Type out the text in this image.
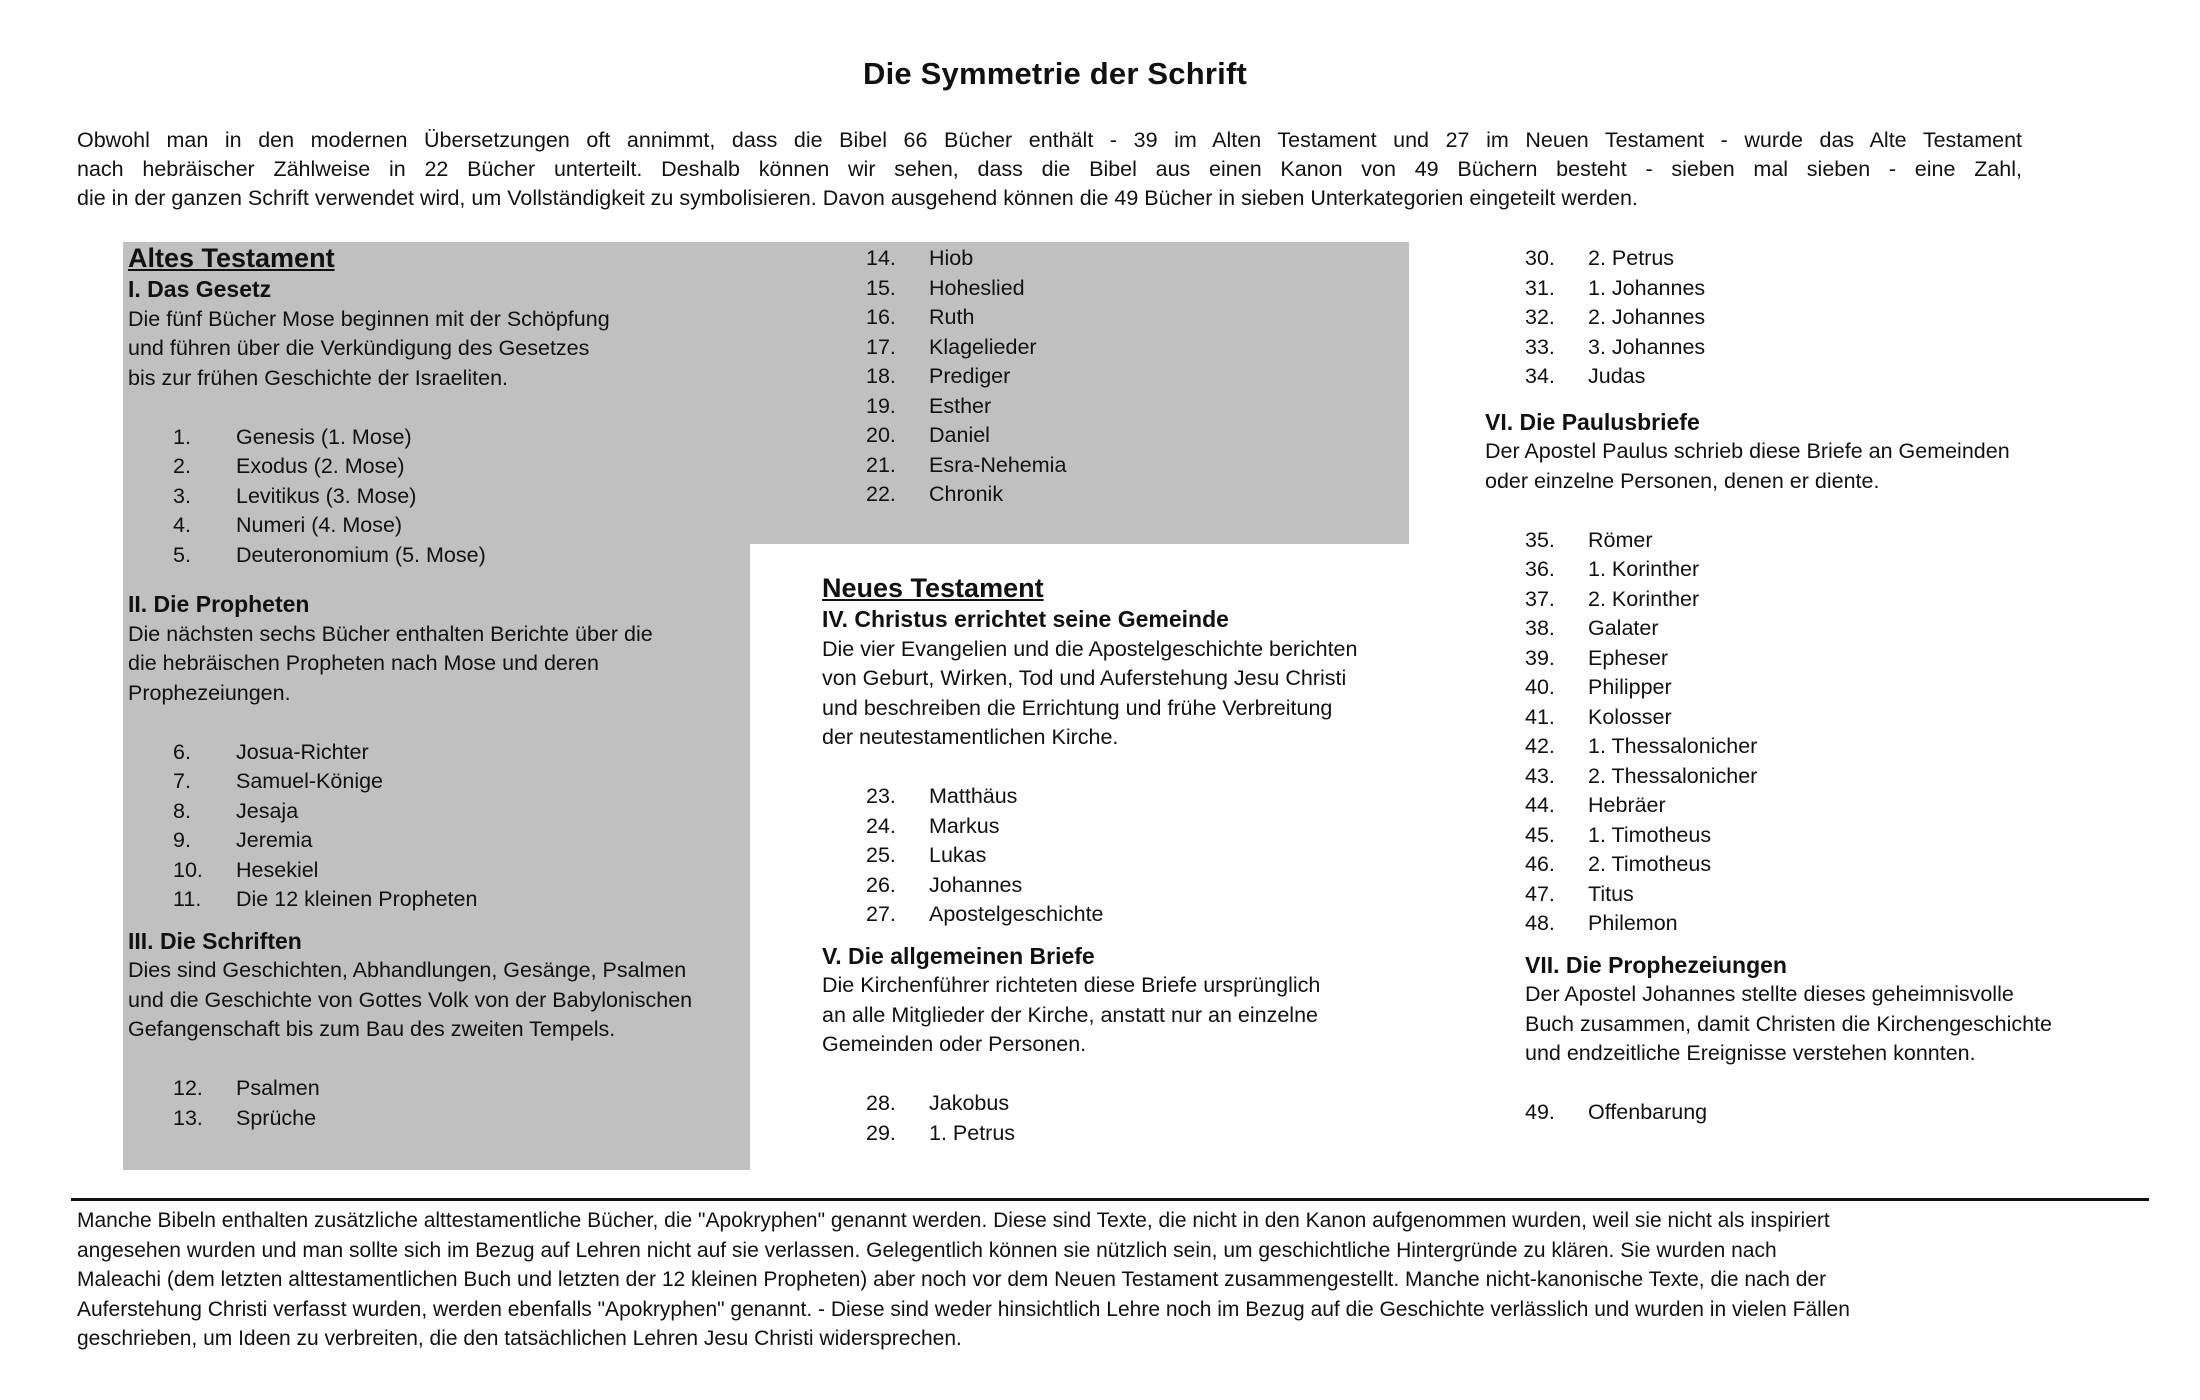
Die Symmetrie der Schrift
Obwohl man in den modernen Übersetzungen oft annimmt, dass die Bibel 66 Bücher enthält - 39 im Alten Testament und 27 im Neuen Testament - wurde das Alte Testament
nach hebräischer Zählweise in 22 Bücher unterteilt. Deshalb können wir sehen, dass die Bibel aus einen Kanon von 49 Büchern besteht - sieben mal sieben - eine Zahl,
die in der ganzen Schrift verwendet wird, um Vollständigkeit zu symbolisieren. Davon ausgehend können die 49 Bücher in sieben Unterkategorien eingeteilt werden.
Altes Testament
I. Das Gesetz
Die fünf Bücher Mose beginnen mit der Schöpfung
und führen über die Verkündigung des Gesetzes
bis zur frühen Geschichte der Israeliten.
1.	Genesis (1. Mose)
2.	Exodus (2. Mose)
3.	Levitikus (3. Mose)
4.	Numeri (4. Mose)
5.	Deuteronomium (5. Mose)
II. Die Propheten
Die nächsten sechs Bücher enthalten Berichte über die
die hebräischen Propheten nach Mose und deren
Prophezeiungen.
6.	Josua-Richter
7.	Samuel-Könige
8.	Jesaja
9.	Jeremia
10.	Hesekiel
11.	Die 12 kleinen Propheten
III. Die Schriften
Dies sind Geschichten, Abhandlungen, Gesänge, Psalmen
und die Geschichte von Gottes Volk von der Babylonischen
Gefangenschaft bis zum Bau des zweiten Tempels.
12.	Psalmen
13.	Sprüche
14.	Hiob
15.	Hoheslied
16.	Ruth
17.	Klagelieder
18.	Prediger
19.	Esther
20.	Daniel
21.	Esra-Nehemia
22.	Chronik
Neues Testament
IV. Christus errichtet seine Gemeinde
Die vier Evangelien und die Apostelgeschichte berichten
von Geburt, Wirken, Tod und Auferstehung Jesu Christi
und beschreiben die Errichtung und frühe Verbreitung
der neutestamentlichen Kirche.
23.	Matthäus
24.	Markus
25.	Lukas
26.	Johannes
27.	Apostelgeschichte
V. Die allgemeinen Briefe
Die Kirchenführer richteten diese Briefe ursprünglich
an alle Mitglieder der Kirche, anstatt nur an einzelne
Gemeinden oder Personen.
28.	Jakobus
29.	1. Petrus
30.	2. Petrus
31.	1. Johannes
32.	2. Johannes
33.	3. Johannes
34.	Judas
VI. Die Paulusbriefe
Der Apostel Paulus schrieb diese Briefe an Gemeinden
oder einzelne Personen, denen er diente.
35.	Römer
36.	1. Korinther
37.	2. Korinther
38.	Galater
39.	Epheser
40.	Philipper
41.	Kolosser
42.	1. Thessalonicher
43.	2. Thessalonicher
44.	Hebräer
45.	1. Timotheus
46.	2. Timotheus
47.	Titus
48.	Philemon
VII. Die Prophezeiungen
Der Apostel Johannes stellte dieses geheimnisvolle
Buch zusammen, damit Christen die Kirchengeschichte
und endzeitliche Ereignisse verstehen konnten.
49.	Offenbarung
Manche Bibeln enthalten zusätzliche alttestamentliche Bücher, die "Apokryphen" genannt werden. Diese sind Texte, die nicht in den Kanon aufgenommen wurden, weil sie nicht als inspiriert
angesehen wurden und man sollte sich im Bezug auf Lehren nicht auf sie verlassen. Gelegentlich können sie nützlich sein, um geschichtliche Hintergründe zu klären. Sie wurden nach
Maleachi (dem letzten alttestamentlichen Buch und letzten der 12 kleinen Propheten) aber noch vor dem Neuen Testament zusammengestellt. Manche nicht-kanonische Texte, die nach der
Auferstehung Christi verfasst wurden, werden ebenfalls "Apokryphen" genannt. - Diese sind weder hinsichtlich Lehre noch im Bezug auf die Geschichte verlässlich und wurden in vielen Fällen
geschrieben, um Ideen zu verbreiten, die den tatsächlichen Lehren Jesu Christi widersprechen.
